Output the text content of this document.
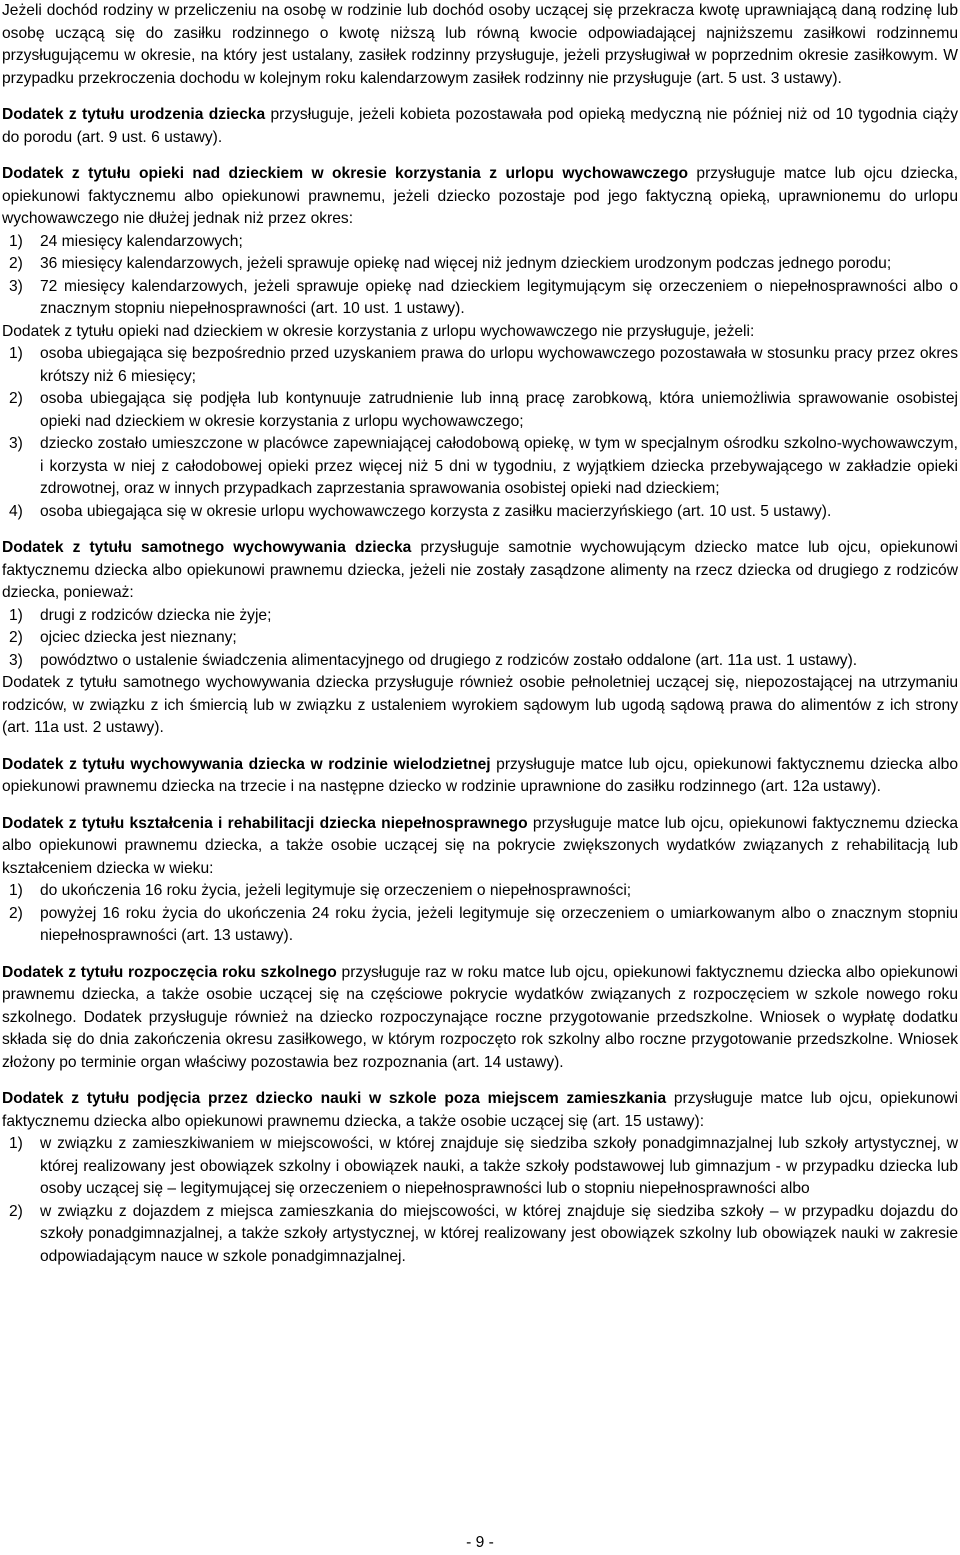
Jeżeli dochód rodziny w przeliczeniu na osobę w rodzinie lub dochód osoby uczącej się przekracza kwotę uprawniającą daną rodzinę lub osobę uczącą się do zasiłku rodzinnego o kwotę niższą lub równą kwocie odpowiadającej najniższemu zasiłkowi rodzinnemu przysługującemu w okresie, na który jest ustalany, zasiłek rodzinny przysługuje, jeżeli przysługiwał w poprzednim okresie zasiłkowym. W przypadku przekroczenia dochodu w kolejnym roku kalendarzowym zasiłek rodzinny nie przysługuje (art. 5 ust. 3 ustawy).

Dodatek z tytułu urodzenia dziecka przysługuje, jeżeli kobieta pozostawała pod opieką medyczną nie później niż od 10 tygodnia ciąży do porodu (art. 9 ust. 6 ustawy).

Dodatek z tytułu opieki nad dzieckiem w okresie korzystania z urlopu wychowawczego przysługuje matce lub ojcu dziecka, opiekunowi faktycznemu albo opiekunowi prawnemu, jeżeli dziecko pozostaje pod jego faktyczną opieką, uprawnionemu do urlopu wychowawczego nie dłużej jednak niż przez okres:

1) 24 miesięcy kalendarzowych;
2) 36 miesięcy kalendarzowych, jeżeli sprawuje opiekę nad więcej niż jednym dzieckiem urodzonym podczas jednego porodu;
3) 72 miesięcy kalendarzowych, jeżeli sprawuje opiekę nad dzieckiem legitymującym się orzeczeniem o niepełnosprawności albo o znacznym stopniu niepełnosprawności (art. 10 ust. 1 ustawy).

Dodatek z tytułu opieki nad dzieckiem w okresie korzystania z urlopu wychowawczego nie przysługuje, jeżeli:

1) osoba ubiegająca się bezpośrednio przed uzyskaniem prawa do urlopu wychowawczego pozostawała w stosunku pracy przez okres krótszy niż 6 miesięcy;
2) osoba ubiegająca się podjęła lub kontynuuje zatrudnienie lub inną pracę zarobkową, która uniemożliwia sprawowanie osobistej opieki nad dzieckiem w okresie korzystania z urlopu wychowawczego;
3) dziecko zostało umieszczone w placówce zapewniającej całodobową opiekę, w tym w specjalnym ośrodku szkolno-wychowawczym, i korzysta w niej z całodobowej opieki przez więcej niż 5 dni w tygodniu, z wyjątkiem dziecka przebywającego w zakładzie opieki zdrowotnej, oraz w innych przypadkach zaprzestania sprawowania osobistej opieki nad dzieckiem;
4) osoba ubiegająca się w okresie urlopu wychowawczego korzysta z zasiłku macierzyńskiego (art. 10 ust. 5 ustawy).

Dodatek z tytułu samotnego wychowywania dziecka przysługuje samotnie wychowującym dziecko matce lub ojcu, opiekunowi faktycznemu dziecka albo opiekunowi prawnemu dziecka, jeżeli nie zostały zasądzone alimenty na rzecz dziecka od drugiego z rodziców dziecka, ponieważ:

1) drugi z rodziców dziecka nie żyje;
2) ojciec dziecka jest nieznany;
3) powództwo o ustalenie świadczenia alimentacyjnego od drugiego z rodziców zostało oddalone (art. 11a ust. 1 ustawy).

Dodatek z tytułu samotnego wychowywania dziecka przysługuje również osobie pełnoletniej uczącej się, niepozostającej na utrzymaniu rodziców, w związku z ich śmiercią lub w związku z ustaleniem wyrokiem sądowym lub ugodą sądową prawa do alimentów z ich strony (art. 11a ust. 2 ustawy).

Dodatek z tytułu wychowywania dziecka w rodzinie wielodzietnej przysługuje matce lub ojcu, opiekunowi faktycznemu dziecka albo opiekunowi prawnemu dziecka na trzecie i na następne dziecko w rodzinie uprawnione do zasiłku rodzinnego (art. 12a ustawy).

Dodatek z tytułu kształcenia i rehabilitacji dziecka niepełnosprawnego przysługuje matce lub ojcu, opiekunowi faktycznemu dziecka albo opiekunowi prawnemu dziecka, a także osobie uczącej się na pokrycie zwiększonych wydatków związanych z rehabilitacją lub kształceniem dziecka w wieku:

1) do ukończenia 16 roku życia, jeżeli legitymuje się orzeczeniem o niepełnosprawności;
2) powyżej 16 roku życia do ukończenia 24 roku życia, jeżeli legitymuje się orzeczeniem o umiarkowanym albo o znacznym stopniu niepełnosprawności (art. 13 ustawy).

Dodatek z tytułu rozpoczęcia roku szkolnego przysługuje raz w roku matce lub ojcu, opiekunowi faktycznemu dziecka albo opiekunowi prawnemu dziecka, a także osobie uczącej się na częściowe pokrycie wydatków związanych z rozpoczęciem w szkole nowego roku szkolnego. Dodatek przysługuje również na dziecko rozpoczynające roczne przygotowanie przedszkolne. Wniosek o wypłatę dodatku składa się do dnia zakończenia okresu zasiłkowego, w którym rozpoczęto rok szkolny albo roczne przygotowanie przedszkolne. Wniosek złożony po terminie organ właściwy pozostawia bez rozpoznania (art. 14 ustawy).

Dodatek z tytułu podjęcia przez dziecko nauki w szkole poza miejscem zamieszkania przysługuje matce lub ojcu, opiekunowi faktycznemu dziecka albo opiekunowi prawnemu dziecka, a także osobie uczącej się (art. 15 ustawy):

1) w związku z zamieszkiwaniem w miejscowości, w której znajduje się siedziba szkoły ponadgimnazjalnej lub szkoły artystycznej, w której realizowany jest obowiązek szkolny i obowiązek nauki, a także szkoły podstawowej lub gimnazjum - w przypadku dziecka lub osoby uczącej się – legitymującej się orzeczeniem o niepełnosprawności lub o stopniu niepełnosprawności albo
2) w związku z dojazdem z miejsca zamieszkania do miejscowości, w której znajduje się siedziba szkoły – w przypadku dojazdu do szkoły ponadgimnazjalnej, a także szkoły artystycznej, w której realizowany jest obowiązek szkolny lub obowiązek nauki w zakresie odpowiadającym nauce w szkole ponadgimnazjalnej.
- 9 -
